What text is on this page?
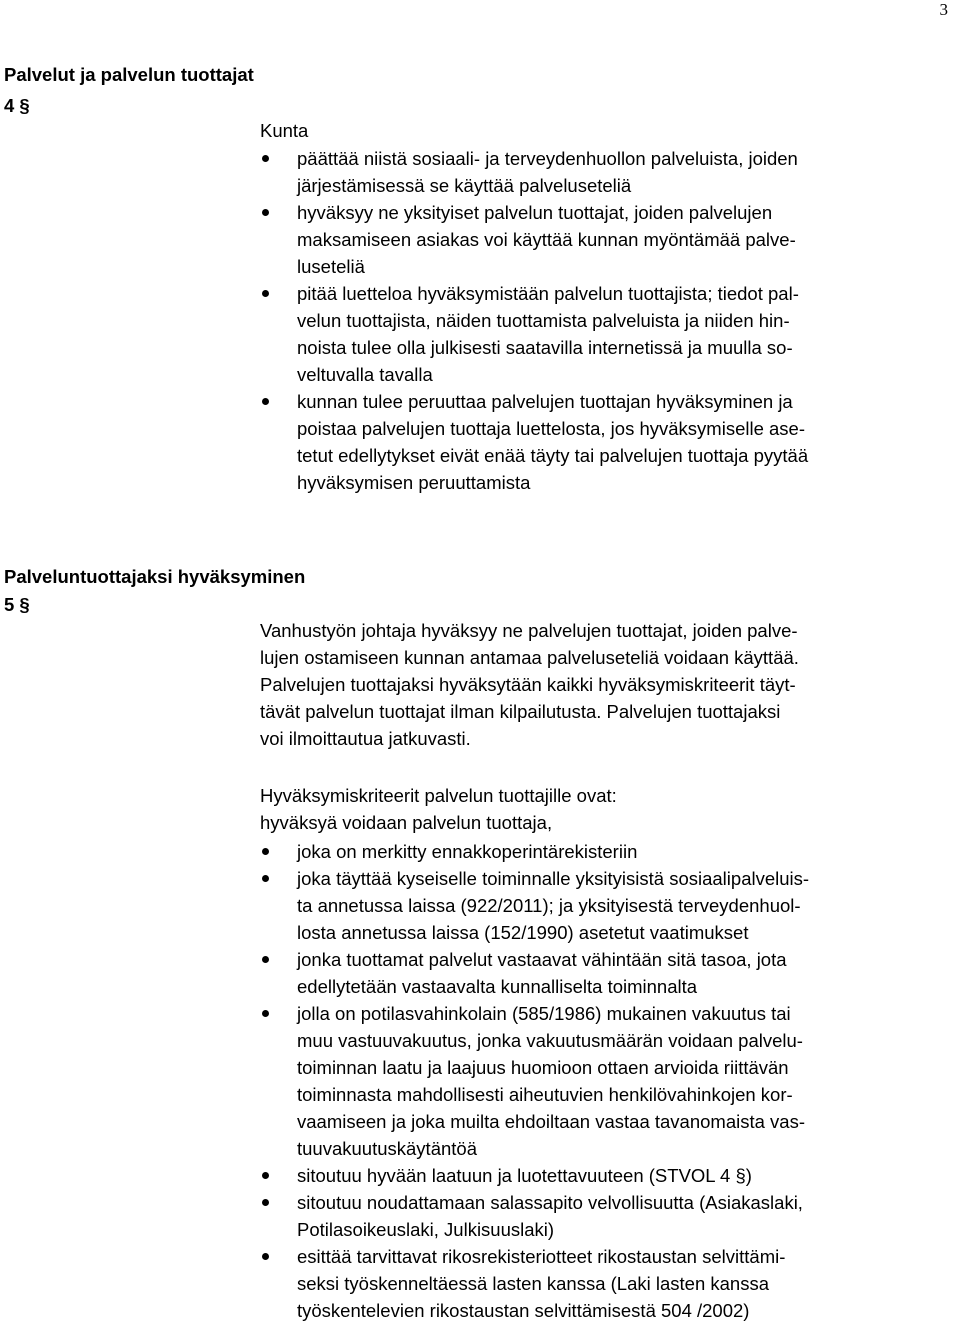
3
Palvelut ja palvelun tuottajat
4 §

Kunta

päättää niistä sosiaali- ja terveydenhuollon palveluista, joiden
järjestämisessä se käyttää palveluseteliä
hyväksyy ne yksityiset palvelun tuottajat, joiden palvelujen
maksamiseen asiakas voi käyttää kunnan myöntämää palve-
luseteliä
pitää luetteloa hyväksymistään palvelun tuottajista; tiedot pal-
velun tuottajista, näiden tuottamista palveluista ja niiden hin-
noista tulee olla julkisesti saatavilla internetissä ja muulla so-
veltuvalla tavalla
kunnan tulee peruuttaa palvelujen tuottajan hyväksyminen ja
poistaa palvelujen tuottaja luettelosta, jos hyväksymiselle ase-
tetut edellytykset eivät enää täyty tai palvelujen tuottaja pyytää
hyväksymisen peruuttamista
Palveluntuottajaksi hyväksyminen
5 §

Vanhustyön johtaja hyväksyy ne palvelujen tuottajat, joiden palve-
lujen ostamiseen kunnan antamaa palveluseteliä voidaan käyttää.
Palvelujen tuottajaksi hyväksytään kaikki hyväksymiskriteerit täyt-
tävät palvelun tuottajat ilman kilpailutusta. Palvelujen tuottajaksi
voi ilmoittautua jatkuvasti.

Hyväksymiskriteerit palvelun tuottajille ovat:
hyväksyä voidaan palvelun tuottaja,

joka on merkitty ennakkoperintärekisteriin
joka täyttää kyseiselle toiminnalle yksityisistä sosiaalipalveluis-
ta annetussa laissa (922/2011); ja yksityisestä terveydenhuol-
losta annetussa laissa (152/1990) asetetut vaatimukset
jonka tuottamat palvelut vastaavat vähintään sitä tasoa, jota
edellytetään vastaavalta kunnalliselta toiminnalta
jolla on potilasvahinkolain (585/1986) mukainen vakuutus tai
muu vastuuvakuutus, jonka vakuutusmäärän voidaan palvelu-
toiminnan laatu ja laajuus huomioon ottaen arvioida riittävän
toiminnasta mahdollisesti aiheutuvien henkilövahinkojen kor-
vaamiseen ja joka muilta ehdoiltaan vastaa tavanomaista vas-
tuuvakuutuskäytäntöä
sitoutuu hyvään laatuun ja luotettavuuteen (STVOL 4 §)
sitoutuu noudattamaan salassapito velvollisuutta (Asiakaslaki,
Potilasoikeuslaki, Julkisuuslaki)
esittää tarvittavat rikosrekisteriotteet rikostaustan selvittämi-
seksi työskenneltäessä lasten kanssa (Laki lasten kanssa
työskentelevien rikostaustan selvittämisestä 504 /2002)
